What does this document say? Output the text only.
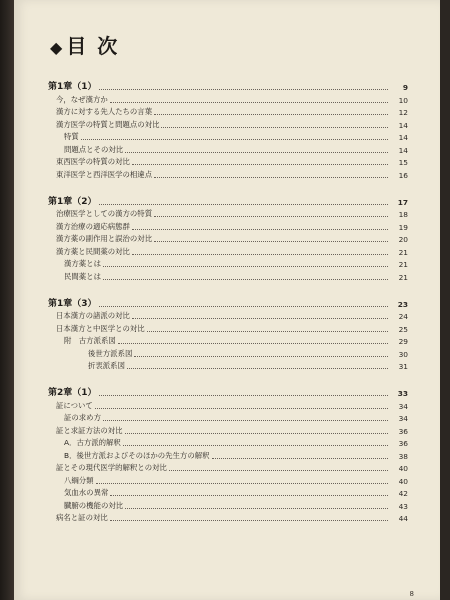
◆ 目 次
第1章（1）	9
今，なぜ漢方か	10
漢方に対する先人たちの言葉	12
漢方医学の特質と問題点の対比	14
特質	14
問題点とその対比	14
東西医学の特質の対比	15
東洋医学と西洋医学の相違点	16
第1章（2）	17
治療医学としての漢方の特質	18
漢方治療の適応病態群	19
漢方薬の副作用と誤治の対比	20
漢方薬と民間薬の対比	21
漢方薬とは	21
民間薬とは	21
第1章（3）	23
日本漢方の諸派の対比	24
日本漢方と中医学との対比	25
附　古方派系図	29
後世方派系図	30
折衷派系図	31
第2章（1）	33
証について	34
証の求め方	34
証と求証方法の対比	36
A．古方派的解釈	36
B．後世方派およびそのほかの先生方の解釈	38
証とその現代医学的解釈との対比	40
八綱分類	40
気血水の異常	42
臓腑の機能の対比	43
病名と証の対比	44
8
